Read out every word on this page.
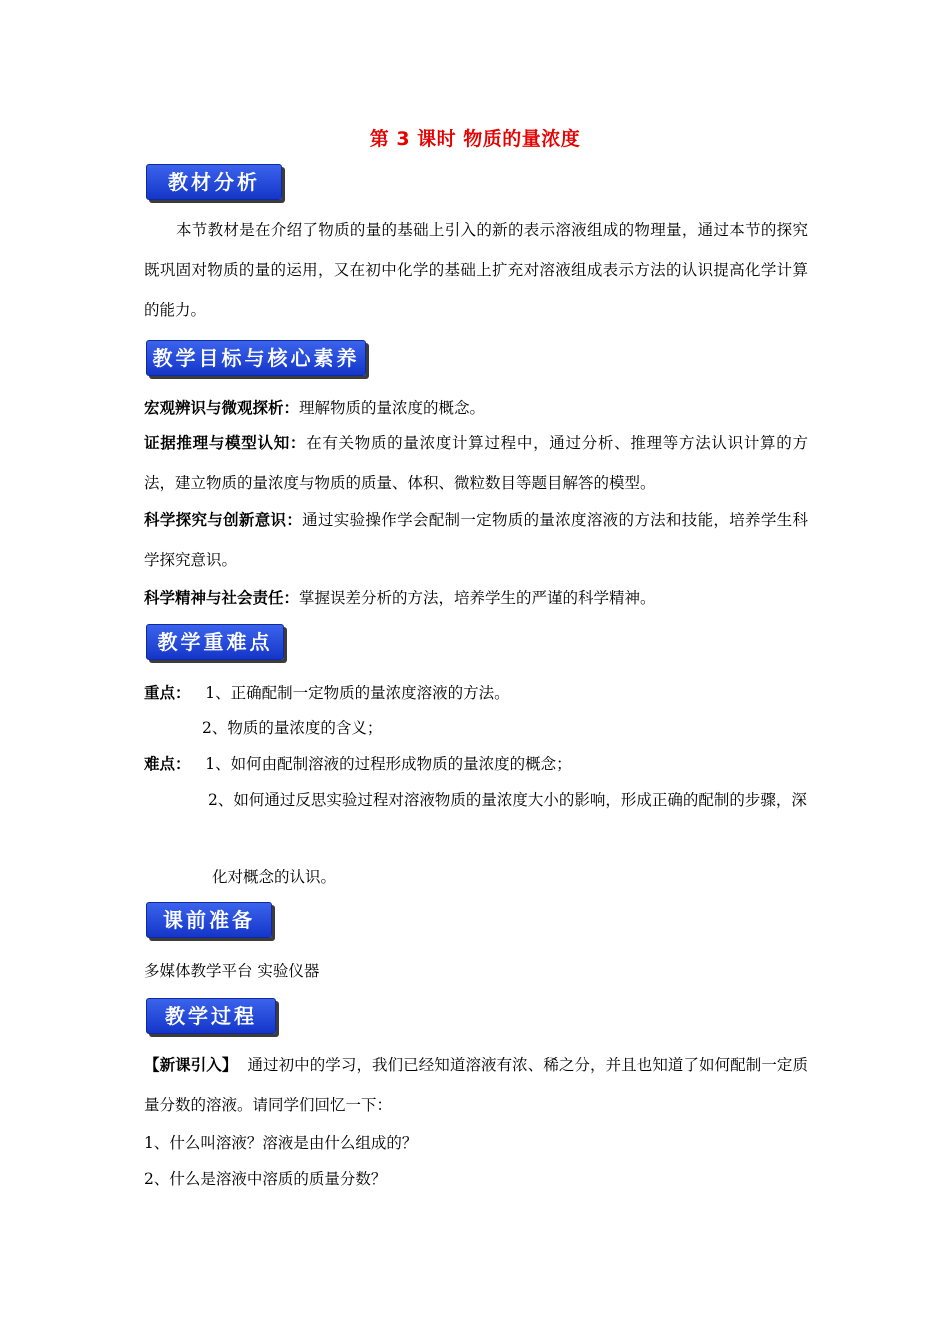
第 3 课时 物质的量浓度
教材分析
本节教材是在介绍了物质的量的基础上引入的新的表示溶液组成的物理量，通过本节的探究既巩固对物质的量的运用，又在初中化学的基础上扩充对溶液组成表示方法的认识提高化学计算的能力。
教学目标与核心素养
宏观辨识与微观探析：理解物质的量浓度的概念。
证据推理与模型认知：在有关物质的量浓度计算过程中，通过分析、推理等方法认识计算的方法，建立物质的量浓度与物质的质量、体积、微粒数目等题目解答的模型。
科学探究与创新意识：通过实验操作学会配制一定物质的量浓度溶液的方法和技能，培养学生科学探究意识。
科学精神与社会责任：掌握误差分析的方法，培养学生的严谨的科学精神。
教学重难点
重点： 1、正确配制一定物质的量浓度溶液的方法。
2、物质的量浓度的含义；
难点： 1、如何由配制溶液的过程形成物质的量浓度的概念；
2、如何通过反思实验过程对溶液物质的量浓度大小的影响，形成正确的配制的步骤，深
化对概念的认识。
课前准备
多媒体教学平台 实验仪器
教学过程
【新课引入】 通过初中的学习，我们已经知道溶液有浓、稀之分，并且也知道了如何配制一定质量分数的溶液。请同学们回忆一下：
1、什么叫溶液？溶液是由什么组成的？
2、什么是溶液中溶质的质量分数？
